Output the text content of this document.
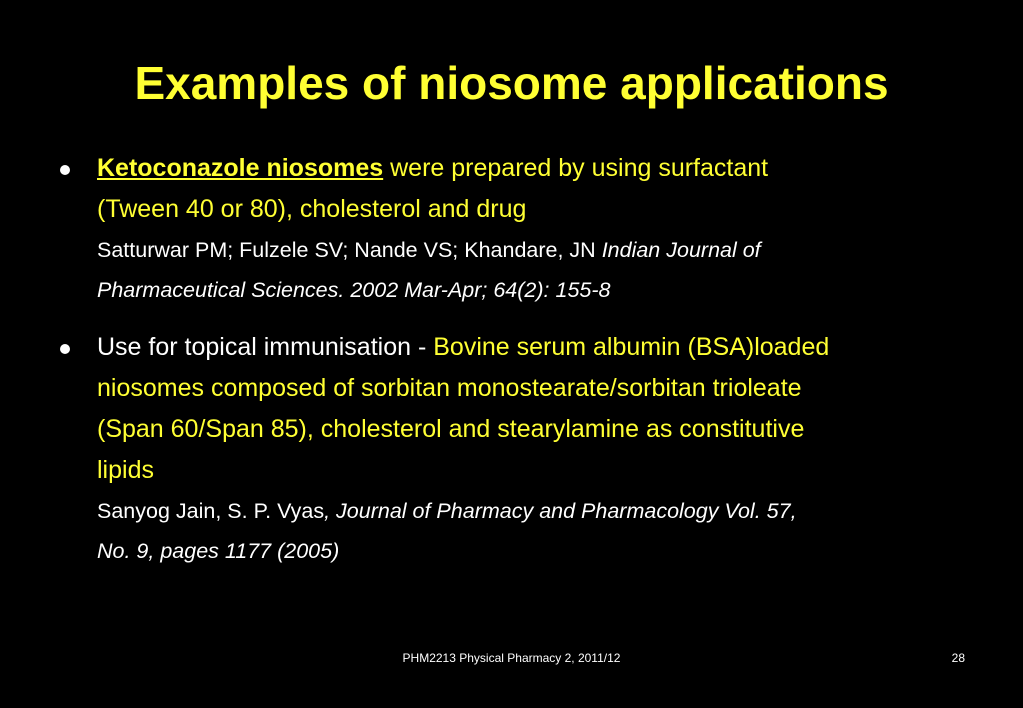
Examples of niosome applications
Ketoconazole niosomes were prepared by using surfactant
(Tween 40 or 80), cholesterol and drug
Satturwar PM; Fulzele SV; Nande VS; Khandare, JN Indian Journal of
Pharmaceutical Sciences. 2002 Mar-Apr; 64(2): 155-8
Use for topical immunisation - Bovine serum albumin (BSA)loaded
niosomes composed of sorbitan monostearate/sorbitan trioleate
(Span 60/Span 85), cholesterol and stearylamine as constitutive
lipids
Sanyog Jain, S. P. Vyas, Journal of Pharmacy and Pharmacology Vol. 57,
No. 9, pages 1177 (2005)
PHM2213 Physical Pharmacy 2, 2011/12	28
